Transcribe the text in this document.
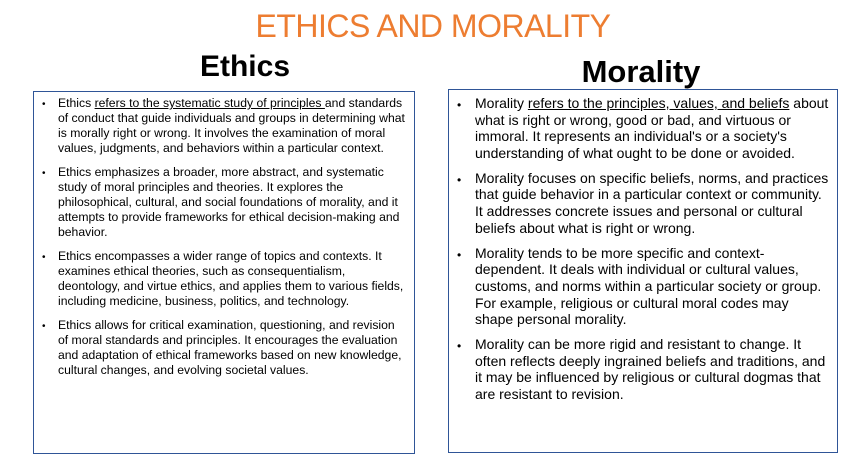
ETHICS AND MORALITY
Ethics	Morality
• Ethics refers to the systematic study of principles and standards of conduct that guide individuals and groups in determining what is morally right or wrong. It involves the examination of moral values, judgments, and behaviors within a particular context.
• Ethics emphasizes a broader, more abstract, and systematic study of moral principles and theories. It explores the philosophical, cultural, and social foundations of morality, and it attempts to provide frameworks for ethical decision-making and behavior.
• Ethics encompasses a wider range of topics and contexts. It examines ethical theories, such as consequentialism, deontology, and virtue ethics, and applies them to various fields, including medicine, business, politics, and technology.
• Ethics allows for critical examination, questioning, and revision of moral standards and principles. It encourages the evaluation and adaptation of ethical frameworks based on new knowledge, cultural changes, and evolving societal values.
• Morality refers to the principles, values, and beliefs about what is right or wrong, good or bad, and virtuous or immoral. It represents an individual's or a society's understanding of what ought to be done or avoided.
• Morality focuses on specific beliefs, norms, and practices that guide behavior in a particular context or community. It addresses concrete issues and personal or cultural beliefs about what is right or wrong.
• Morality tends to be more specific and context-dependent. It deals with individual or cultural values, customs, and norms within a particular society or group. For example, religious or cultural moral codes may shape personal morality.
• Morality can be more rigid and resistant to change. It often reflects deeply ingrained beliefs and traditions, and it may be influenced by religious or cultural dogmas that are resistant to revision.
